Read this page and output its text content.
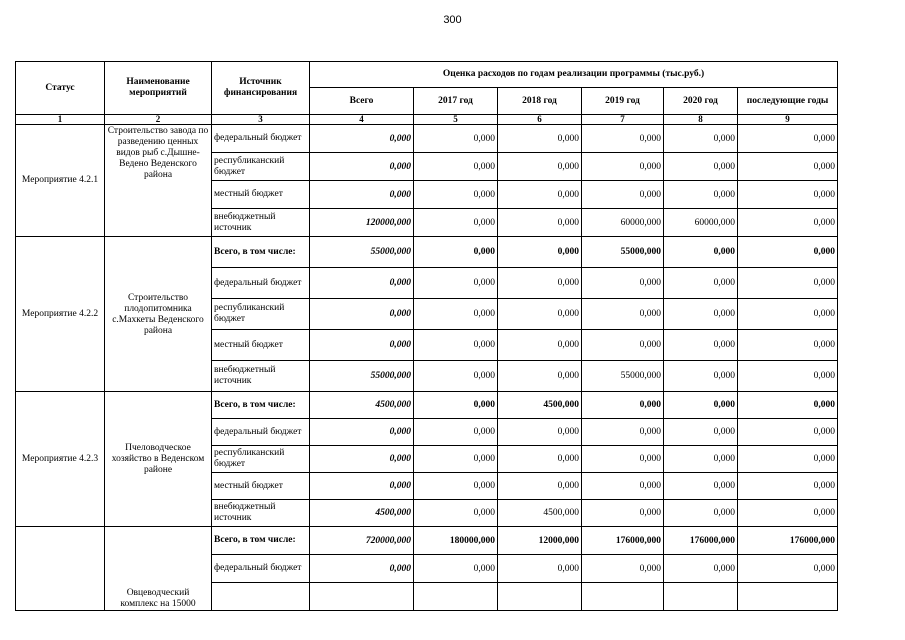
300
Статус	Наименование мероприятий	Источник финансирования	Оценка расходов по годам реализации программы (тыс.руб.)					
			Всего	2017 год	2018 год	2019 год	2020 год	последующие годы
1	2	3	4	5	6	7	8	9
Мероприятие 4.2.1	Строительство завода по разведению ценных видов рыб с.Дышне-Ведено Веденского района	федеральный бюджет	0,000	0,000	0,000	0,000	0,000	0,000
		республиканский бюджет	0,000	0,000	0,000	0,000	0,000	0,000
		местный бюджет	0,000	0,000	0,000	0,000	0,000	0,000
		внебюджетный источник	120000,000	0,000	0,000	60000,000	60000,000	0,000
Мероприятие 4.2.2	Строительство плодопитомника с.Махкеты Веденского района	Всего, в том числе:	55000,000	0,000	0,000	55000,000	0,000	0,000
		федеральный бюджет	0,000	0,000	0,000	0,000	0,000	0,000
		республиканский бюджет	0,000	0,000	0,000	0,000	0,000	0,000
		местный бюджет	0,000	0,000	0,000	0,000	0,000	0,000
		внебюджетный источник	55000,000	0,000	0,000	55000,000	0,000	0,000
Мероприятие 4.2.3	Пчеловодческое хозяйство в Веденском районе	Всего, в том числе:	4500,000	0,000	4500,000	0,000	0,000	0,000
		федеральный бюджет	0,000	0,000	0,000	0,000	0,000	0,000
		республиканский бюджет	0,000	0,000	0,000	0,000	0,000	0,000
		местный бюджет	0,000	0,000	0,000	0,000	0,000	0,000
		внебюджетный источник	4500,000	0,000	4500,000	0,000	0,000	0,000
	Овцеводческий комплекс на 15000	Всего, в том числе:	720000,000	180000,000	12000,000	176000,000	176000,000	176000,000
		федеральный бюджет	0,000	0,000	0,000	0,000	0,000	0,000
